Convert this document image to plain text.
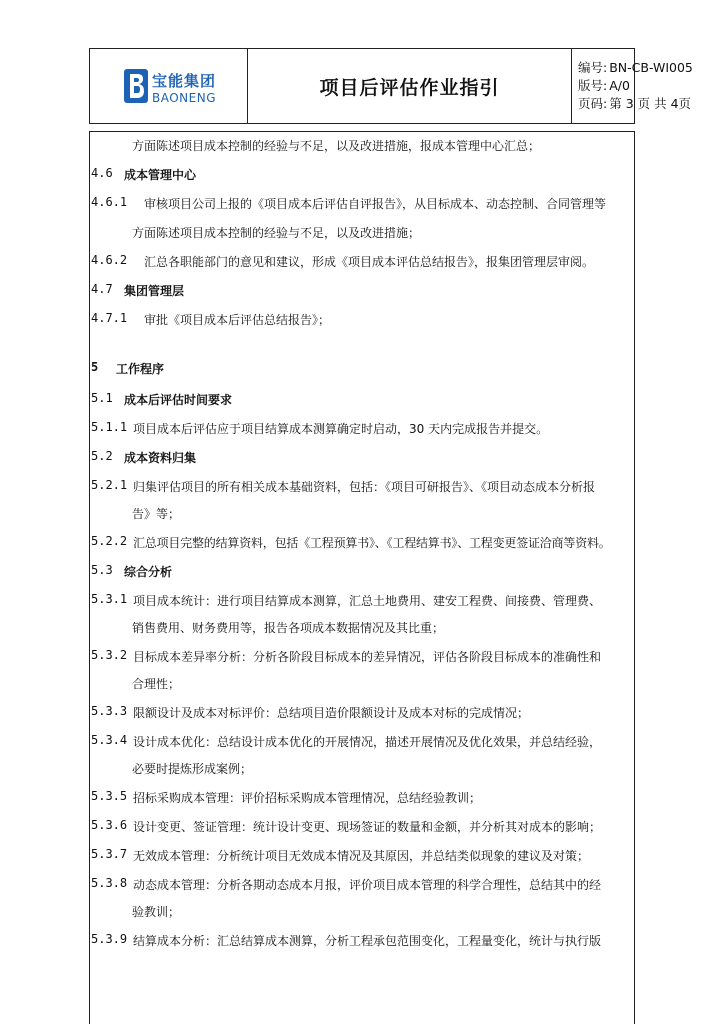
宝能集团
BAONENG	项目后评估作业指引
编号: BN-CB-WI005
版号: A/0
页码: 第 3 页 共 4页
方面陈述项目成本控制的经验与不足，以及改进措施，报成本管理中心汇总；
4.6 成本管理中心
4.6.1 审核项目公司上报的《项目成本后评估自评报告》，从目标成本、动态控制、合同管理等
方面陈述项目成本控制的经验与不足，以及改进措施；
4.6.2 汇总各职能部门的意见和建议，形成《项目成本评估总结报告》，报集团管理层审阅。
4.7 集团管理层
4.7.1 审批《项目成本后评估总结报告》；
5 工作程序
5.1 成本后评估时间要求
5.1.1 项目成本后评估应于项目结算成本测算确定时启动，30 天内完成报告并提交。
5.2 成本资料归集
5.2.1 归集评估项目的所有相关成本基础资料，包括：《项目可研报告》、《项目动态成本分析报
告》等；
5.2.2 汇总项目完整的结算资料，包括《工程预算书》、《工程结算书》、工程变更签证洽商等资料。
5.3 综合分析
5.3.1 项目成本统计：进行项目结算成本测算，汇总土地费用、建安工程费、间接费、管理费、
销售费用、财务费用等，报告各项成本数据情况及其比重；
5.3.2 目标成本差异率分析：分析各阶段目标成本的差异情况，评估各阶段目标成本的准确性和
合理性；
5.3.3 限额设计及成本对标评价：总结项目造价限额设计及成本对标的完成情况；
5.3.4 设计成本优化：总结设计成本优化的开展情况，描述开展情况及优化效果，并总结经验，
必要时提炼形成案例；
5.3.5 招标采购成本管理：评价招标采购成本管理情况，总结经验教训；
5.3.6 设计变更、签证管理：统计设计变更、现场签证的数量和金额，并分析其对成本的影响；
5.3.7 无效成本管理：分析统计项目无效成本情况及其原因，并总结类似现象的建议及对策；
5.3.8 动态成本管理：分析各期动态成本月报，评价项目成本管理的科学合理性，总结其中的经
验教训；
5.3.9 结算成本分析：汇总结算成本测算，分析工程承包范围变化，工程量变化，统计与执行版
